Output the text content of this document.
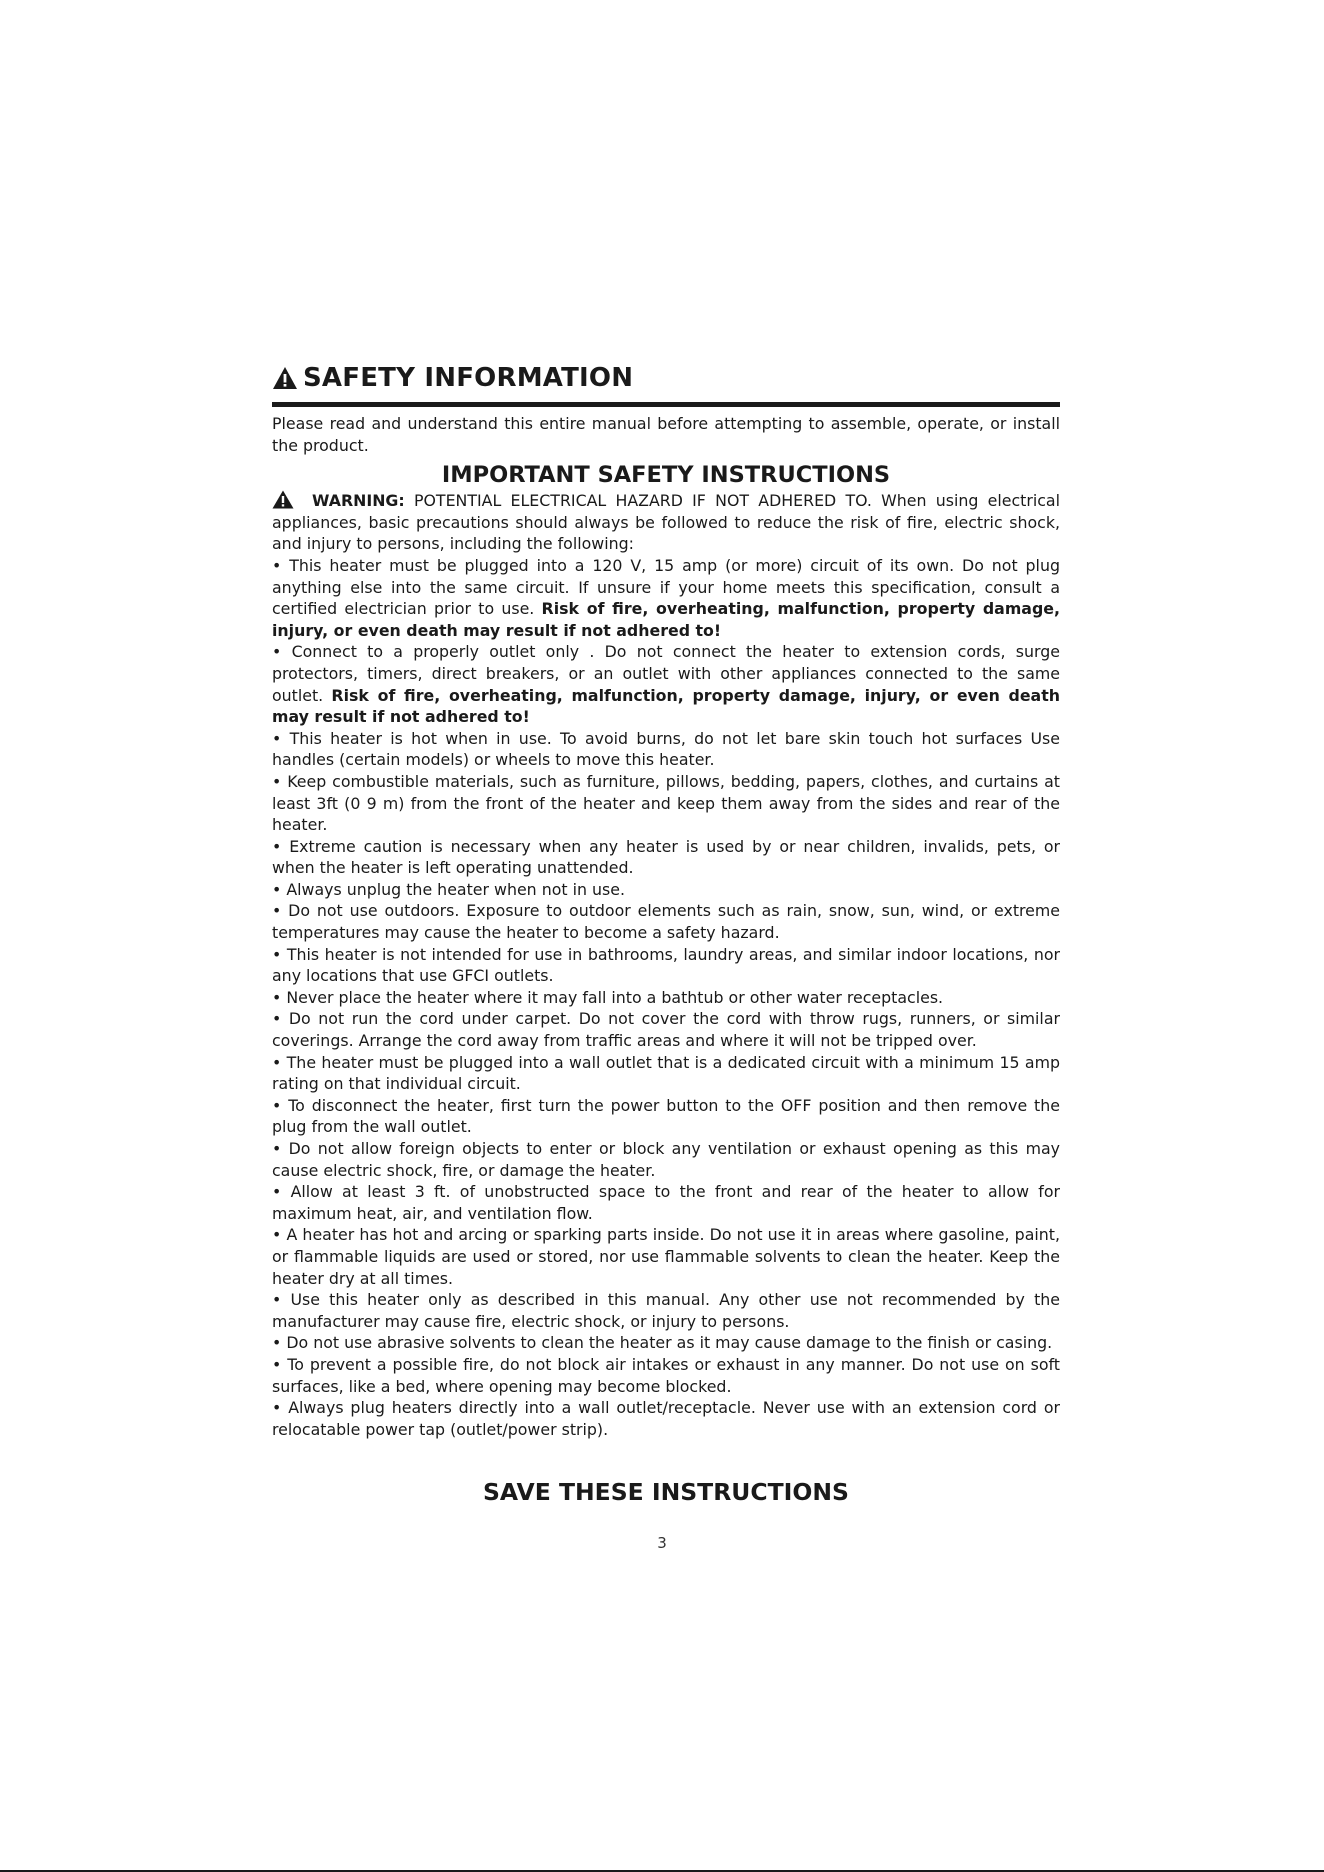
SAFETY INFORMATION

Please read and understand this entire manual before attempting to assemble, operate, or install the product.

IMPORTANT SAFETY INSTRUCTIONS

WARNING: POTENTIAL ELECTRICAL HAZARD IF NOT ADHERED TO. When using electrical appliances, basic precautions should always be followed to reduce the risk of fire, electric shock, and injury to persons, including the following:

• This heater must be plugged into a 120 V, 15 amp (or more) circuit of its own. Do not plug anything else into the same circuit. If unsure if your home meets this specification, consult a certified electrician prior to use. Risk of fire, overheating, malfunction, property damage, injury, or even death may result if not adhered to!

• Connect to a properly outlet only . Do not connect the heater to extension cords, surge protectors, timers, direct breakers, or an outlet with other appliances connected to the same outlet. Risk of fire, overheating, malfunction, property damage, injury, or even death may result if not adhered to!

• This heater is hot when in use. To avoid burns, do not let bare skin touch hot surfaces Use handles (certain models) or wheels to move this heater.

• Keep combustible materials, such as furniture, pillows, bedding, papers, clothes, and curtains at least 3ft (0 9 m) from the front of the heater and keep them away from the sides and rear of the heater.

• Extreme caution is necessary when any heater is used by or near children, invalids, pets, or when the heater is left operating unattended.

• Always unplug the heater when not in use.

• Do not use outdoors. Exposure to outdoor elements such as rain, snow, sun, wind, or extreme temperatures may cause the heater to become a safety hazard.

• This heater is not intended for use in bathrooms, laundry areas, and similar indoor locations, nor any locations that use GFCI outlets.

• Never place the heater where it may fall into a bathtub or other water receptacles.

• Do not run the cord under carpet. Do not cover the cord with throw rugs, runners, or similar coverings. Arrange the cord away from traffic areas and where it will not be tripped over.

• The heater must be plugged into a wall outlet that is a dedicated circuit with a minimum 15 amp rating on that individual circuit.

• To disconnect the heater, first turn the power button to the OFF position and then remove the plug from the wall outlet.

• Do not allow foreign objects to enter or block any ventilation or exhaust opening as this may cause electric shock, fire, or damage the heater.

• Allow at least 3 ft. of unobstructed space to the front and rear of the heater to allow for maximum heat, air, and ventilation flow.

• A heater has hot and arcing or sparking parts inside. Do not use it in areas where gasoline, paint, or flammable liquids are used or stored, nor use flammable solvents to clean the heater. Keep the heater dry at all times.

• Use this heater only as described in this manual. Any other use not recommended by the manufacturer may cause fire, electric shock, or injury to persons.

• Do not use abrasive solvents to clean the heater as it may cause damage to the finish or casing.

• To prevent a possible fire, do not block air intakes or exhaust in any manner. Do not use on soft surfaces, like a bed, where opening may become blocked.

• Always plug heaters directly into a wall outlet/receptacle. Never use with an extension cord or relocatable power tap (outlet/power strip).

SAVE THESE INSTRUCTIONS
3
